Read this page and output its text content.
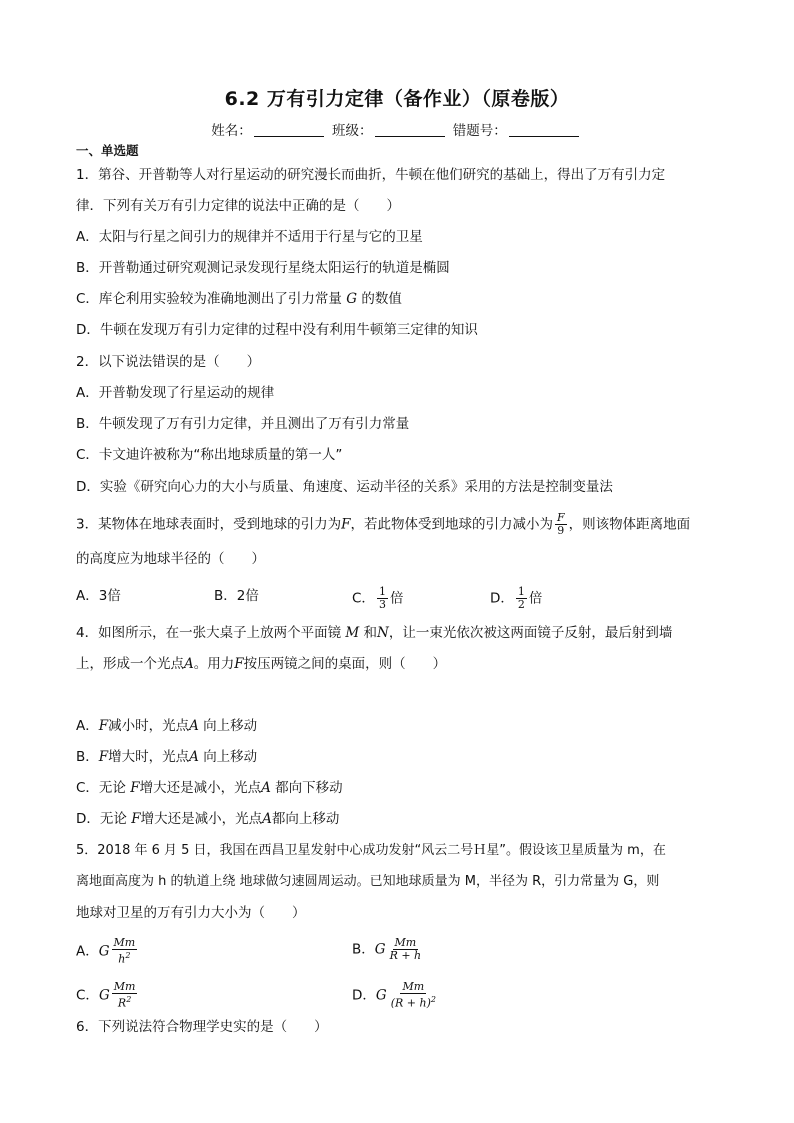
6.2 万有引力定律（备作业）（原卷版）
姓名：	班级：	错题号：
一、单选题
1．第谷、开普勒等人对行星运动的研究漫长而曲折，牛顿在他们研究的基础上，得出了万有引力定
律．下列有关万有引力定律的说法中正确的是（　　）
A．太阳与行星之间引力的规律并不适用于行星与它的卫星
B．开普勒通过研究观测记录发现行星绕太阳运行的轨道是椭圆
C．库仑利用实验较为准确地测出了引力常量 G 的数值
D．牛顿在发现万有引力定律的过程中没有利用牛顿第三定律的知识
2．以下说法错误的是（　　）
A．开普勒发现了行星运动的规律
B．牛顿发现了万有引力定律，并且测出了万有引力常量
C．卡文迪许被称为“称出地球质量的第一人”
D．实验《研究向心力的大小与质量、角速度、运动半径的关系》采用的方法是控制变量法
3．某物体在地球表面时，受到地球的引力为F，若此物体受到地球的引力减小为 $\frac{F}{9}$ ，则该物体距离地面
的高度应为地球半径的（　　）
A．3倍	B．2倍	C． $\frac{1}{3}$ 倍	D． $\frac{1}{2}$ 倍
4．如图所示，在一张大桌子上放两个平面镜 M 和N，让一束光依次被这两面镜子反射，最后射到墙
上，形成一个光点A。用力F按压两镜之间的桌面，则（　　）
A．F减小时，光点A 向上移动
B．F增大时，光点A 向上移动
C．无论 F增大还是减小，光点A 都向下移动
D．无论 F增大还是减小，光点A都向上移动
5．2018 年 6 月 5 日，我国在西昌卫星发射中心成功发射“风云二号Ｈ星”。假设该卫星质量为 m，在
离地面高度为 h 的轨道上绕 地球做匀速圆周运动。已知地球质量为 M，半径为 R，引力常量为 G，则
地球对卫星的万有引力大小为（　　）
A．G $\frac{Mm}{h^2}$	B．G $\frac{Mm}{R + h}$
C．G $\frac{Mm}{R^2}$	D．G $\frac{Mm}{(R + h)^2}$
6．下列说法符合物理学史实的是（　　）
